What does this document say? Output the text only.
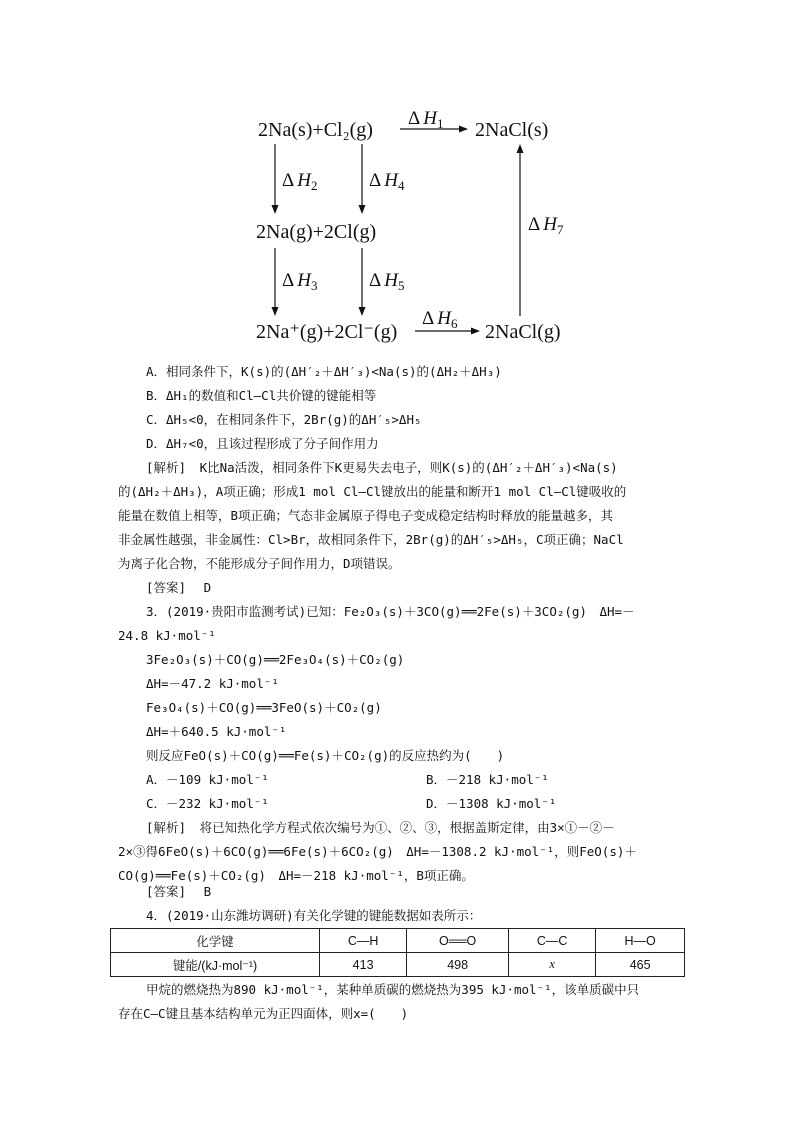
2Na(s)+Cl₂(g)	2NaCl(s)
2Na(g)+2Cl(g)
2Na⁺(g)+2Cl⁻(g)	2NaCl(g)
Δ $H_1$
Δ $H_2$	Δ $H_4$
Δ $H_3$	Δ $H_5$
Δ $H_6$
Δ $H_7$
A．相同条件下，K(s)的(ΔH′₂＋ΔH′₃)<Na(s)的(ΔH₂＋ΔH₃)
B．ΔH₁的数值和Cl—Cl共价键的键能相等
C．ΔH₅<0，在相同条件下，2Br(g)的ΔH′₅>ΔH₅
D．ΔH₇<0，且该过程形成了分子间作用力
[解析] K比Na活泼，相同条件下K更易失去电子，则K(s)的(ΔH′₂＋ΔH′₃)<Na(s)
的(ΔH₂＋ΔH₃)，A项正确；形成1 mol Cl—Cl键放出的能量和断开1 mol Cl—Cl键吸收的
能量在数值上相等，B项正确；气态非金属原子得电子变成稳定结构时释放的能量越多，其
非金属性越强，非金属性：Cl>Br，故相同条件下，2Br(g)的ΔH′₅>ΔH₅，C项正确；NaCl
为离子化合物，不能形成分子间作用力，D项错误。
[答案] D
3．(2019·贵阳市监测考试)已知：Fe₂O₃(s)＋3CO(g)══2Fe(s)＋3CO₂(g)　ΔH=－
24.8 kJ·mol⁻¹
3Fe₂O₃(s)＋CO(g)══2Fe₃O₄(s)＋CO₂(g)
ΔH=－47.2 kJ·mol⁻¹
Fe₃O₄(s)＋CO(g)══3FeO(s)＋CO₂(g)
ΔH=＋640.5 kJ·mol⁻¹
则反应FeO(s)＋CO(g)══Fe(s)＋CO₂(g)的反应热约为(　　)
A．－109 kJ·mol⁻¹	B．－218 kJ·mol⁻¹
C．－232 kJ·mol⁻¹	D．－1308 kJ·mol⁻¹
[解析] 将已知热化学方程式依次编号为①、②、③，根据盖斯定律，由3×①－②－
2×③得6FeO(s)＋6CO(g)══6Fe(s)＋6CO₂(g)　ΔH=－1308.2 kJ·mol⁻¹，则FeO(s)＋
CO(g)══Fe(s)＋CO₂(g)　ΔH=－218 kJ·mol⁻¹，B项正确。
[答案] B
4．(2019·山东潍坊调研)有关化学键的键能数据如表所示：
化学键	C—H	O══O	C—C	H—O
键能/(kJ·mol⁻¹)	413	498	x	465
甲烷的燃烧热为890 kJ·mol⁻¹，某种单质碳的燃烧热为395 kJ·mol⁻¹，该单质碳中只
存在C—C键且基本结构单元为正四面体，则x=(　　)
